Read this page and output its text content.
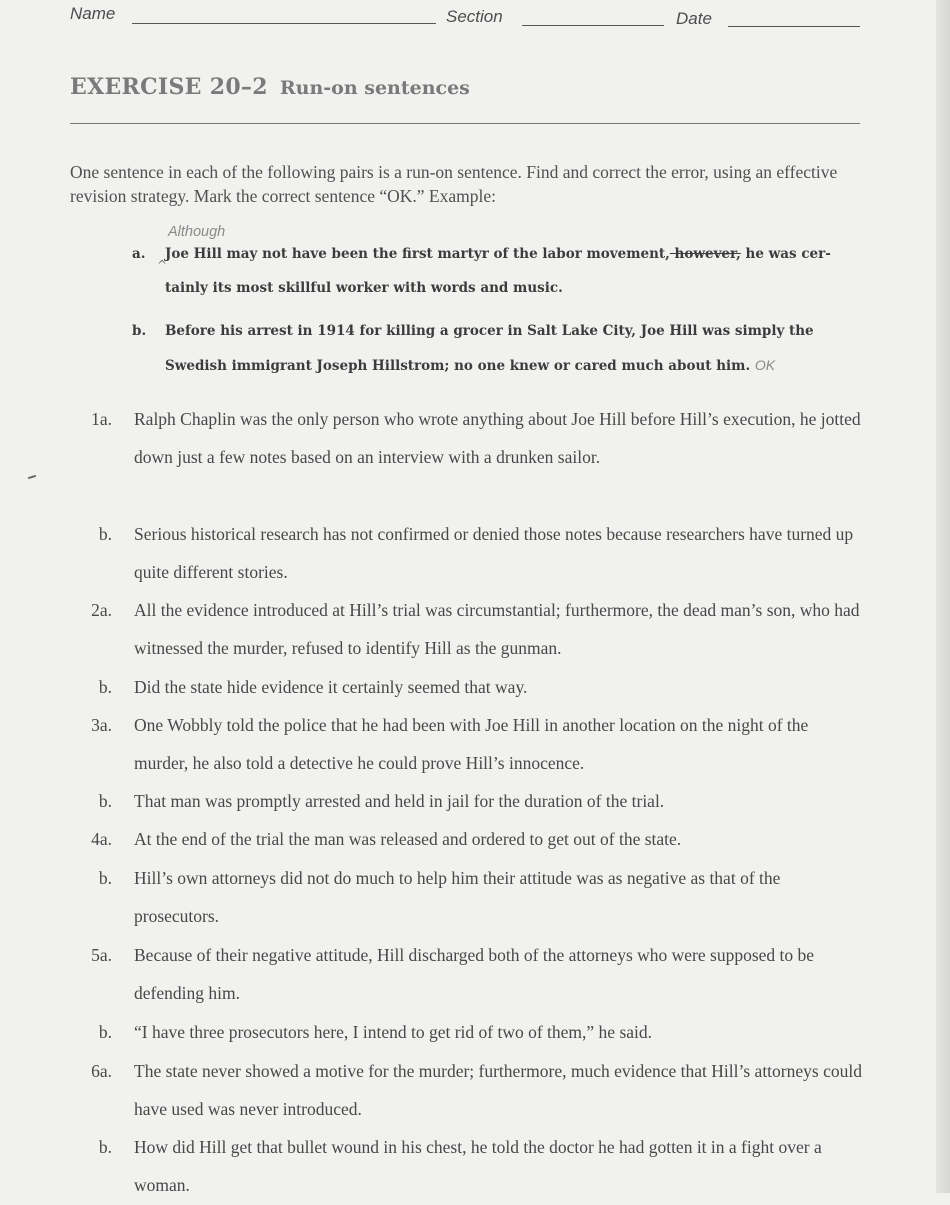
Name	Section	Date
EXERCISE 20–2 Run-on sentences
One sentence in each of the following pairs is a run-on sentence. Find and correct the error, using an effective revision strategy. Mark the correct sentence “OK.” Example:
Although
^
a. Joe Hill may not have been the first martyr of the labor movement, however, he was cer-tainly its most skillful worker with words and music.
b. Before his arrest in 1914 for killing a grocer in Salt Lake City, Joe Hill was simply the Swedish immigrant Joseph Hillstrom; no one knew or cared much about him. OK
1a. Ralph Chaplin was the only person who wrote anything about Joe Hill before Hill’s execution, he jotted down just a few notes based on an interview with a drunken sailor.
b. Serious historical research has not confirmed or denied those notes because researchers have turned up quite different stories.
2a. All the evidence introduced at Hill’s trial was circumstantial; furthermore, the dead man’s son, who had witnessed the murder, refused to identify Hill as the gunman.
b. Did the state hide evidence it certainly seemed that way.
3a. One Wobbly told the police that he had been with Joe Hill in another location on the night of the murder, he also told a detective he could prove Hill’s innocence.
b. That man was promptly arrested and held in jail for the duration of the trial.
4a. At the end of the trial the man was released and ordered to get out of the state.
b. Hill’s own attorneys did not do much to help him their attitude was as negative as that of the prosecutors.
5a. Because of their negative attitude, Hill discharged both of the attorneys who were supposed to be defending him.
b. “I have three prosecutors here, I intend to get rid of two of them,” he said.
6a. The state never showed a motive for the murder; furthermore, much evidence that Hill’s attorneys could have used was never introduced.
b. How did Hill get that bullet wound in his chest, he told the doctor he had gotten it in a fight over a woman.
